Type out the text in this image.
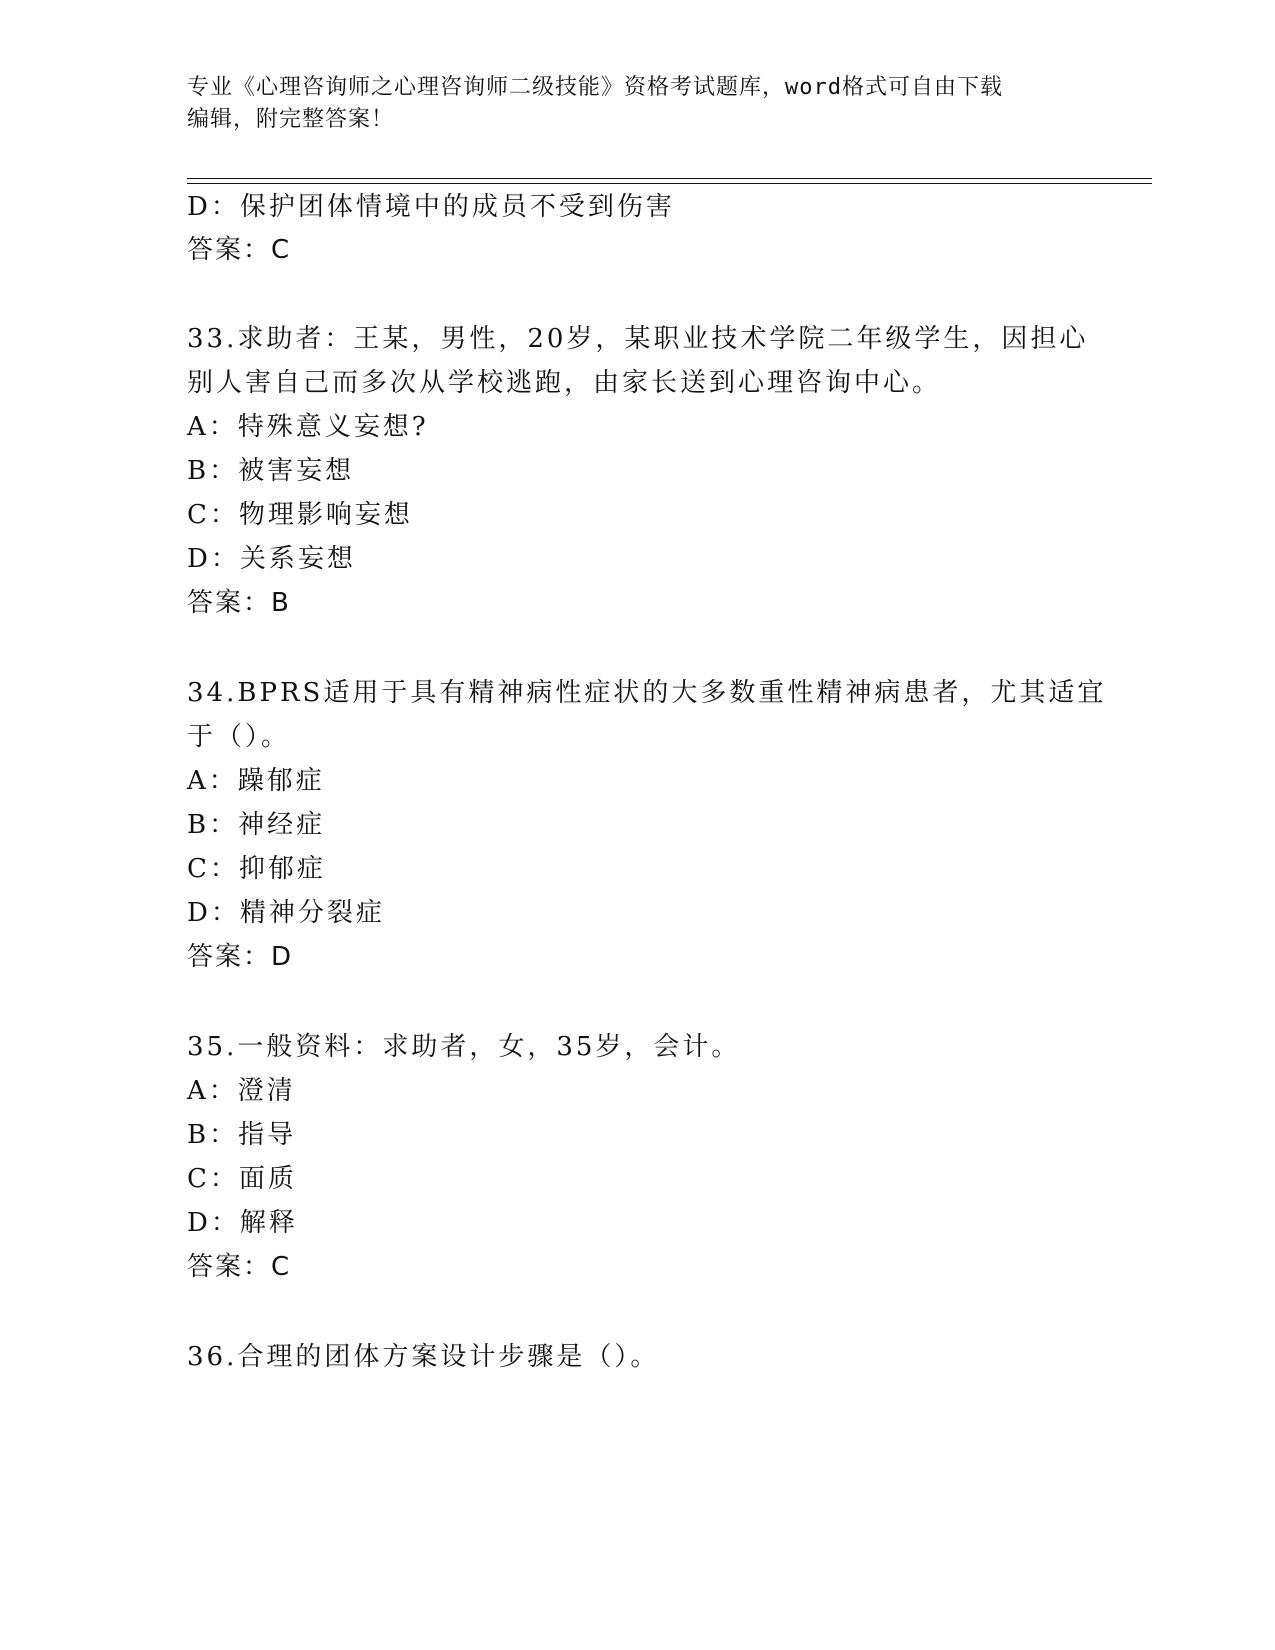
专业《心理咨询师之心理咨询师二级技能》资格考试题库，word格式可自由下载
编辑，附完整答案！
D：保护团体情境中的成员不受到伤害
答案：C
33.求助者：王某，男性，20岁，某职业技术学院二年级学生，因担心
别人害自己而多次从学校逃跑，由家长送到心理咨询中心。
A：特殊意义妄想?
B：被害妄想
C：物理影响妄想
D：关系妄想
答案：B
34.BPRS适用于具有精神病性症状的大多数重性精神病患者，尤其适宜
于（）。
A：躁郁症
B：神经症
C：抑郁症
D：精神分裂症
答案：D
35.一般资料：求助者，女，35岁，会计。
A：澄清
B：指导
C：面质
D：解释
答案：C
36.合理的团体方案设计步骤是（）。
